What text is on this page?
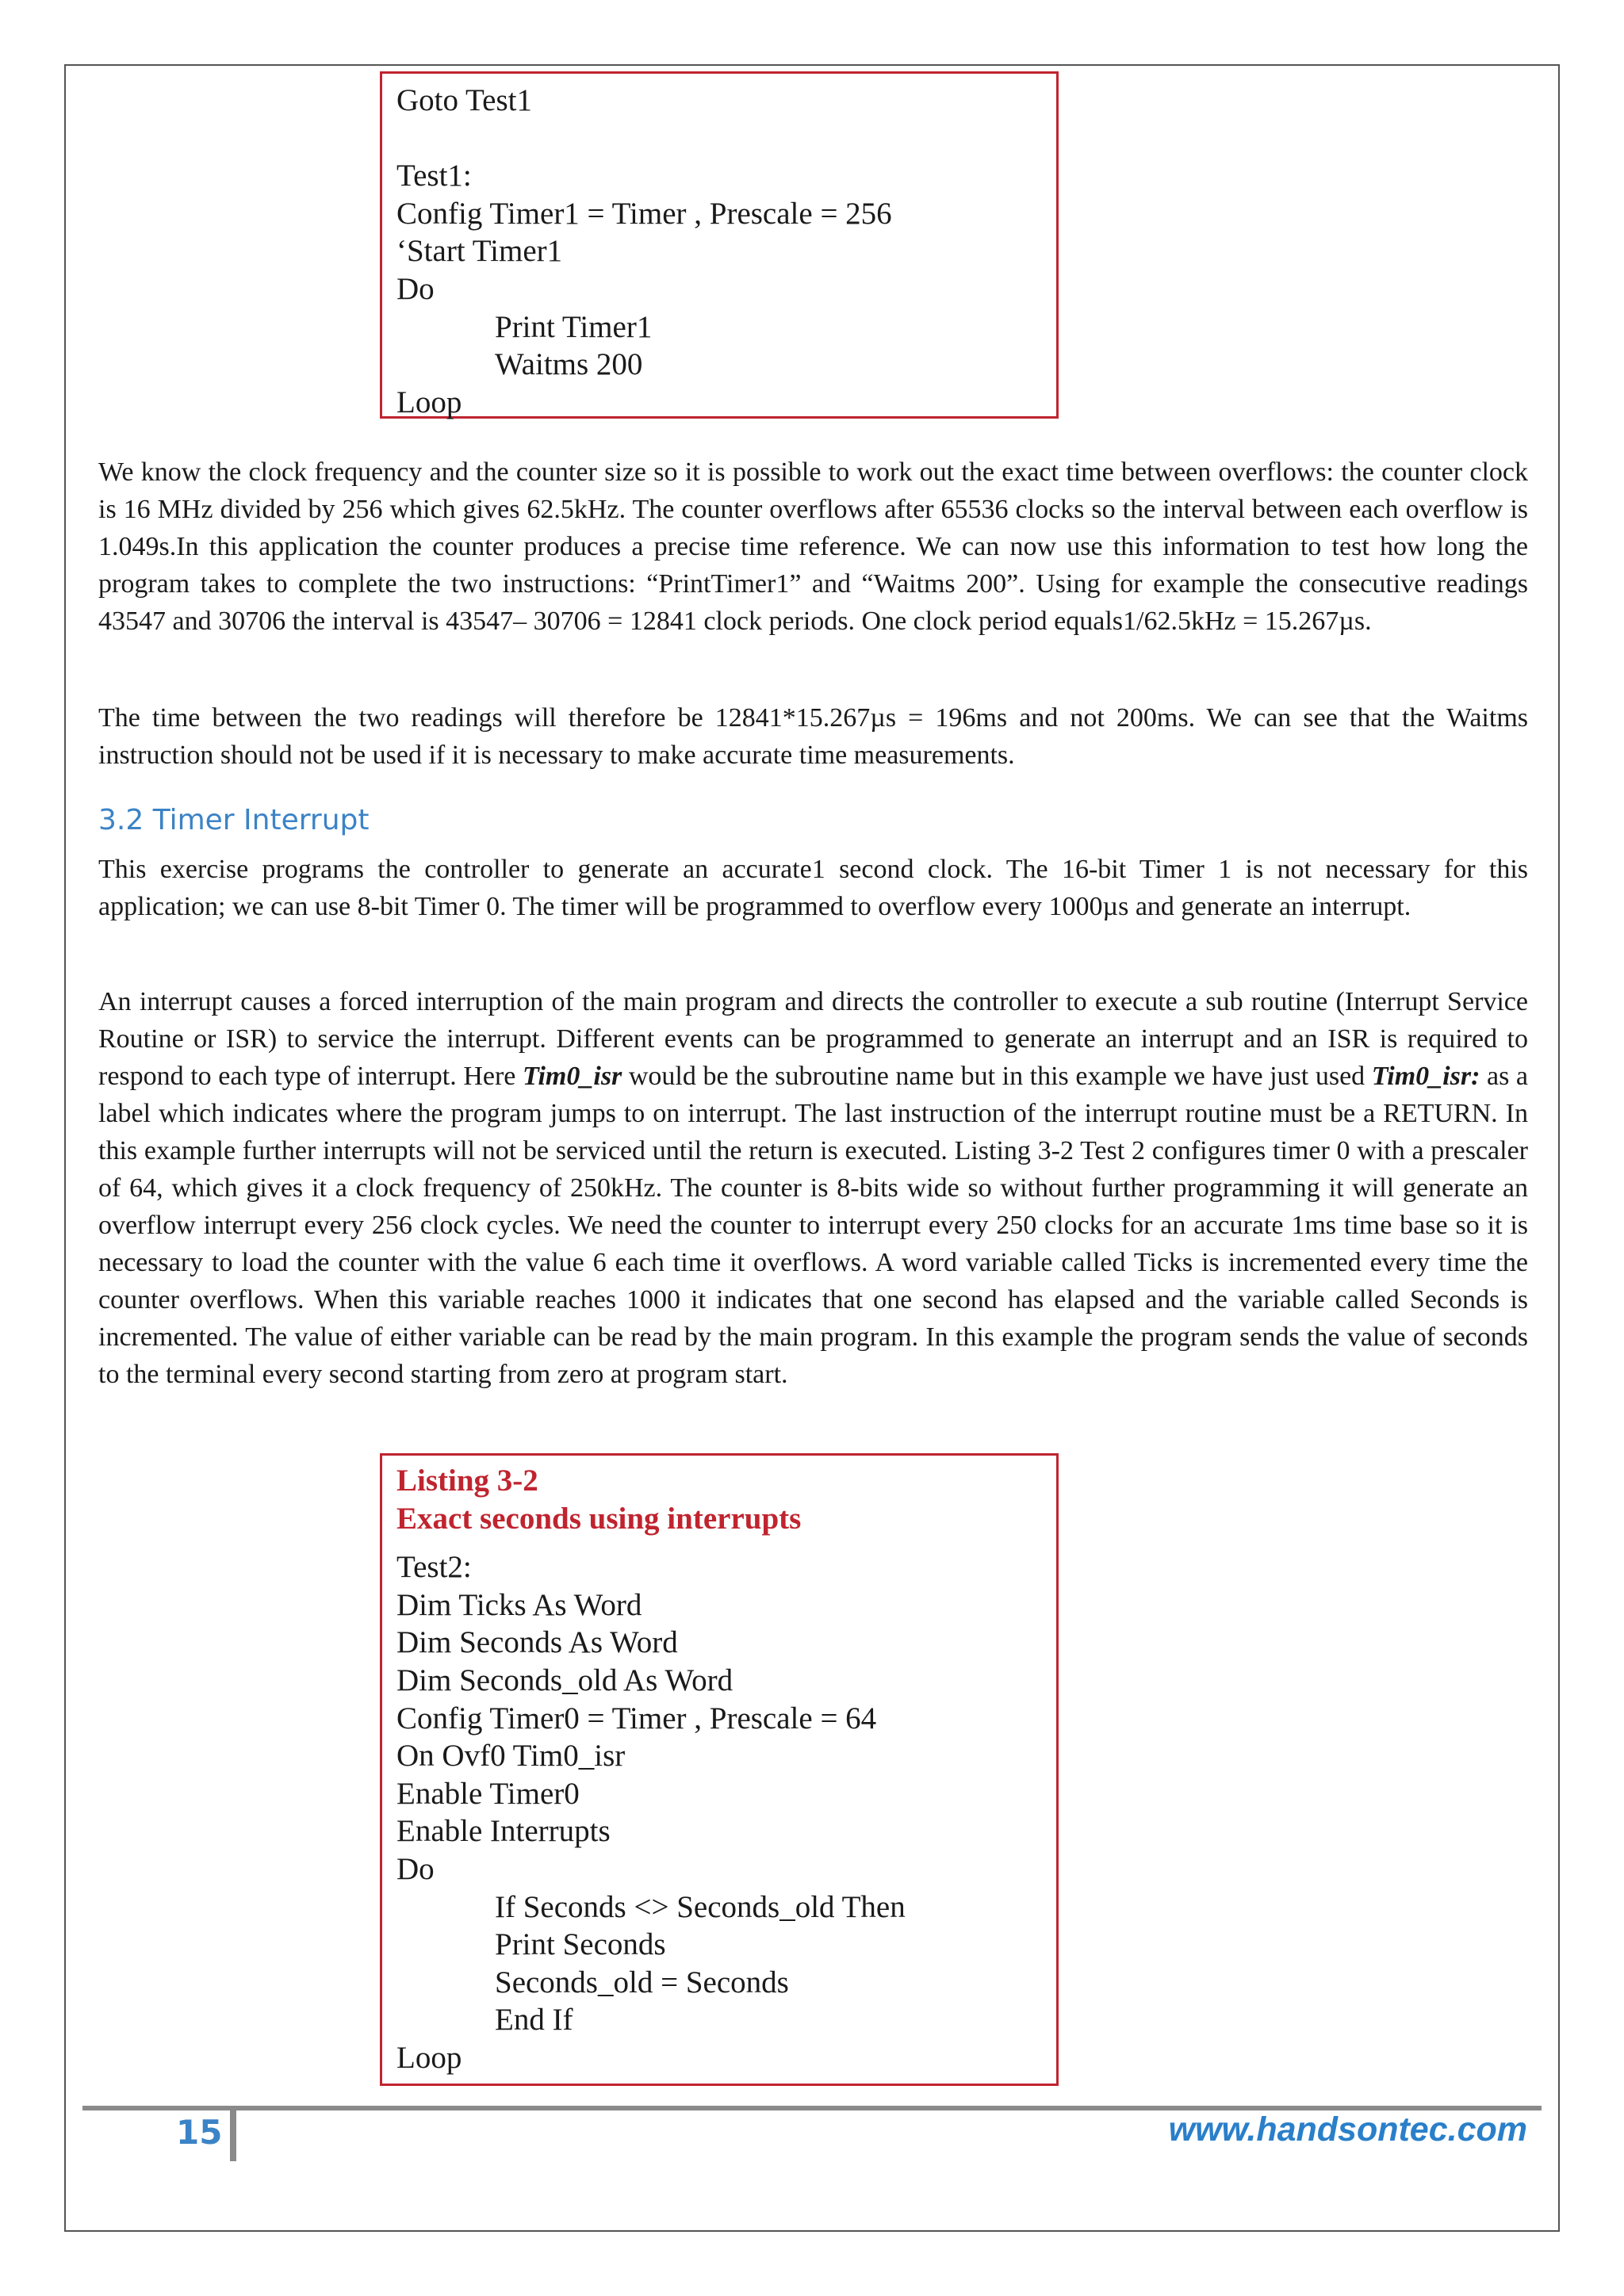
Goto Test1
Test1:
Config Timer1 = Timer , Prescale = 256
‘Start Timer1
Do
Print Timer1
Waitms 200
Loop

We know the clock frequency and the counter size so it is possible to work out the exact time between overflows: the counter clock is 16 MHz divided by 256 which gives 62.5kHz. The counter overflows after 65536 clocks so the interval between each overflow is 1.049s.In this application the counter produces a precise time reference. We can now use this information to test how long the program takes to complete the two instructions: “PrintTimer1” and “Waitms 200”. Using for example the consecutive readings 43547 and 30706 the interval is 43547– 30706 = 12841 clock periods. One clock period equals1/62.5kHz = 15.267µs.

The time between the two readings will therefore be 12841*15.267µs = 196ms and not 200ms. We can see that the Waitms instruction should not be used if it is necessary to make accurate time measurements.

3.2 Timer Interrupt

This exercise programs the controller to generate an accurate1 second clock. The 16-bit Timer 1 is not necessary for this application; we can use 8-bit Timer 0. The timer will be programmed to overflow every 1000µs and generate an interrupt.

An interrupt causes a forced interruption of the main program and directs the controller to execute a sub routine (Interrupt Service Routine or ISR) to service the interrupt. Different events can be programmed to generate an interrupt and an ISR is required to respond to each type of interrupt. Here Tim0_isr would be the subroutine name but in this example we have just used Tim0_isr: as a label which indicates where the program jumps to on interrupt. The last instruction of the interrupt routine must be a RETURN. In this example further interrupts will not be serviced until the return is executed. Listing 3-2 Test 2 configures timer 0 with a prescaler of 64, which gives it a clock frequency of 250kHz. The counter is 8-bits wide so without further programming it will generate an overflow interrupt every 256 clock cycles. We need the counter to interrupt every 250 clocks for an accurate 1ms time base so it is necessary to load the counter with the value 6 each time it overflows. A word variable called Ticks is incremented every time the counter overflows. When this variable reaches 1000 it indicates that one second has elapsed and the variable called Seconds is incremented. The value of either variable can be read by the main program. In this example the program sends the value of seconds to the terminal every second starting from zero at program start.

Listing 3-2
Exact seconds using interrupts
Test2:
Dim Ticks As Word
Dim Seconds As Word
Dim Seconds_old As Word
Config Timer0 = Timer , Prescale = 64
On Ovf0 Tim0_isr
Enable Timer0
Enable Interrupts
Do
If Seconds <> Seconds_old Then
Print Seconds
Seconds_old = Seconds
End If
Loop
15	www.handsontec.com
